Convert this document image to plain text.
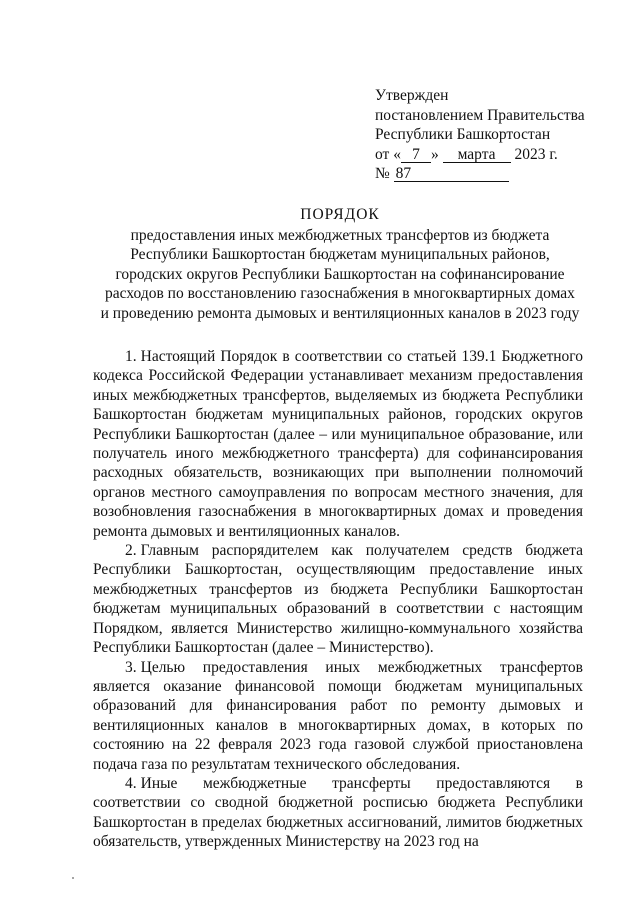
Утвержден
постановлением Правительства
Республики Башкортостан
от « 7 » марта 2023 г.
№ 87
ПОРЯДОК
предоставления иных межбюджетных трансфертов из бюджета
Республики Башкортостан бюджетам муниципальных районов,
городских округов Республики Башкортостан на софинансирование
расходов по восстановлению газоснабжения в многоквартирных домах
и проведению ремонта дымовых и вентиляционных каналов в 2023 году

1. Настоящий Порядок в соответствии со статьей 139.1 Бюджетного кодекса Российской Федерации устанавливает механизм предоставления иных межбюджетных трансфертов, выделяемых из бюджета Республики Башкортостан бюджетам муниципальных районов, городских округов Республики Башкортостан (далее – или муниципальное образование, или получатель иного межбюджетного трансферта) для софинансирования расходных обязательств, возникающих при выполнении полномочий органов местного самоуправления по вопросам местного значения, для возобновления газоснабжения в многоквартирных домах и проведения ремонта дымовых и вентиляционных каналов.

2. Главным распорядителем как получателем средств бюджета Республики Башкортостан, осуществляющим предоставление иных межбюджетных трансфертов из бюджета Республики Башкортостан бюджетам муниципальных образований в соответствии с настоящим Порядком, является Министерство жилищно-коммунального хозяйства Республики Башкортостан (далее – Министерство).

3. Целью предоставления иных межбюджетных трансфертов является оказание финансовой помощи бюджетам муниципальных образований для финансирования работ по ремонту дымовых и вентиляционных каналов в многоквартирных домах, в которых по состоянию на 22 февраля 2023 года газовой службой приостановлена подача газа по результатам технического обследования.

4. Иные межбюджетные трансферты предоставляются в соответствии со сводной бюджетной росписью бюджета Республики Башкортостан в пределах бюджетных ассигнований, лимитов бюджетных обязательств, утвержденных Министерству на 2023 год на
